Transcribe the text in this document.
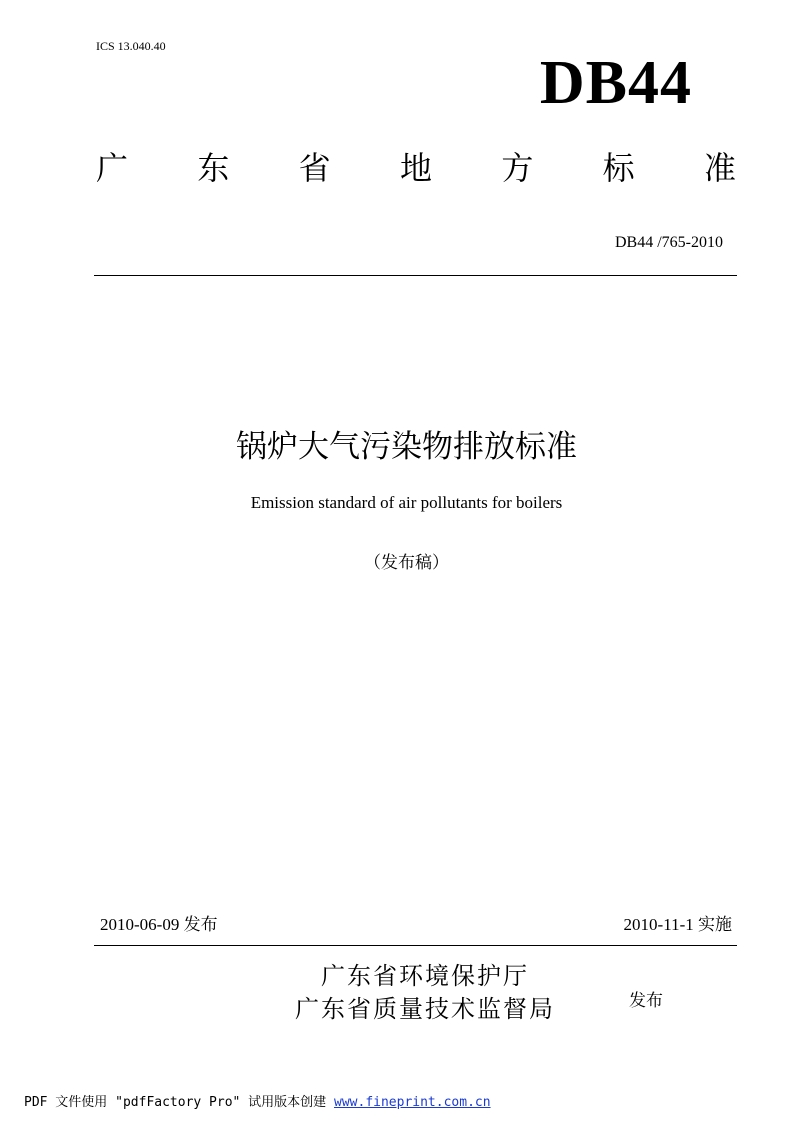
ICS 13.040.40
DB44
广 东 省 地 方 标 准
DB44 /765-2010
锅炉大气污染物排放标准
Emission standard of air pollutants for boilers
（发布稿）
2010-06-09 发布	2010-11-1 实施
广东省环境保护厅
广东省质量技术监督局	发布
PDF 文件使用 "pdfFactory Pro" 试用版本创建 www.fineprint.com.cn
